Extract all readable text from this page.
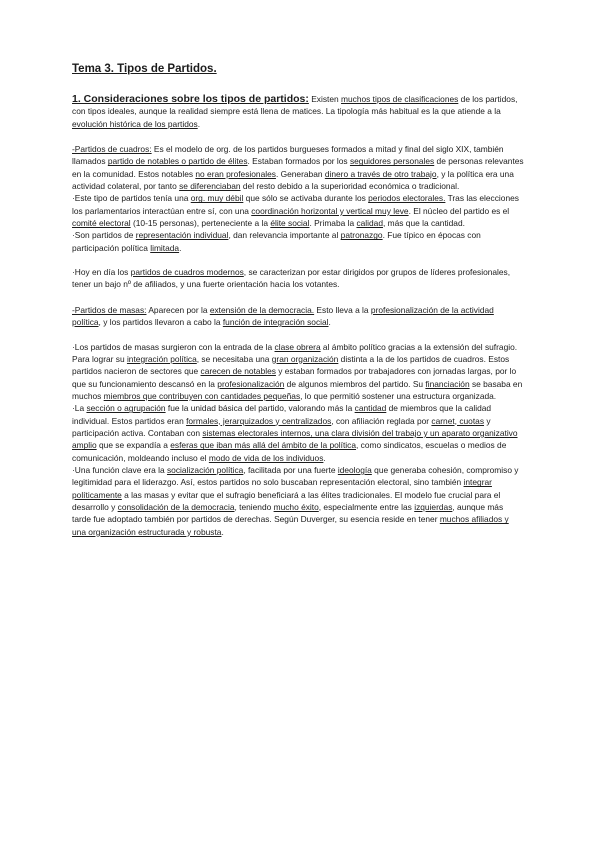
Tema 3. Tipos de Partidos.

1. Consideraciones sobre los tipos de partidos: Existen muchos tipos de clasificaciones de los partidos, con tipos ideales, aunque la realidad siempre está llena de matices. La tipología más habitual es la que atiende a la evolución histórica de los partidos.

-Partidos de cuadros: Es el modelo de org. de los partidos burgueses formados a mitad y final del siglo XIX, también llamados partido de notables o partido de élites. Estaban formados por los seguidores personales de personas relevantes en la comunidad. Estos notables no eran profesionales. Generaban dinero a través de otro trabajo, y la política era una actividad colateral, por tanto se diferenciaban del resto debido a la superioridad económica o tradicional.

·Este tipo de partidos tenía una org. muy débil que sólo se activaba durante los periodos electorales. Tras las elecciones los parlamentarios interactúan entre sí, con una coordinación horizontal y vertical muy leve. El núcleo del partido es el comité electoral (10-15 personas), perteneciente a la élite social. Primaba la calidad, más que la cantidad.

·Son partidos de representación individual, dan relevancia importante al patronazgo. Fue típico en épocas con participación política limitada.

·Hoy en día los partidos de cuadros modernos, se caracterizan por estar dirigidos por grupos de líderes profesionales, tener un bajo nº de afiliados, y una fuerte orientación hacia los votantes.

-Partidos de masas: Aparecen por la extensión de la democracia. Esto lleva a la profesionalización de la actividad política, y los partidos llevaron a cabo la función de integración social.

·Los partidos de masas surgieron con la entrada de la clase obrera al ámbito político gracias a la extensión del sufragio. Para lograr su integración política, se necesitaba una gran organización distinta a la de los partidos de cuadros. Estos partidos nacieron de sectores que carecen de notables y estaban formados por trabajadores con jornadas largas, por lo que su funcionamiento descansó en la profesionalización de algunos miembros del partido. Su financiación se basaba en muchos miembros que contribuyen con cantidades pequeñas, lo que permitió sostener una estructura organizada.

·La sección o agrupación fue la unidad básica del partido, valorando más la cantidad de miembros que la calidad individual. Estos partidos eran formales, jerarquizados y centralizados, con afiliación reglada por carnet, cuotas y participación activa. Contaban con sistemas electorales internos, una clara división del trabajo y un aparato organizativo amplio que se expandía a esferas que iban más allá del ámbito de la política, como sindicatos, escuelas o medios de comunicación, moldeando incluso el modo de vida de los individuos.

·Una función clave era la socialización política, facilitada por una fuerte ideología que generaba cohesión, compromiso y legitimidad para el liderazgo. Así, estos partidos no solo buscaban representación electoral, sino también integrar políticamente a las masas y evitar que el sufragio beneficiará a las élites tradicionales. El modelo fue crucial para el desarrollo y consolidación de la democracia, teniendo mucho éxito, especialmente entre las izquierdas, aunque más tarde fue adoptado también por partidos de derechas. Según Duverger, su esencia reside en tener muchos afiliados y una organización estructurada y robusta.
